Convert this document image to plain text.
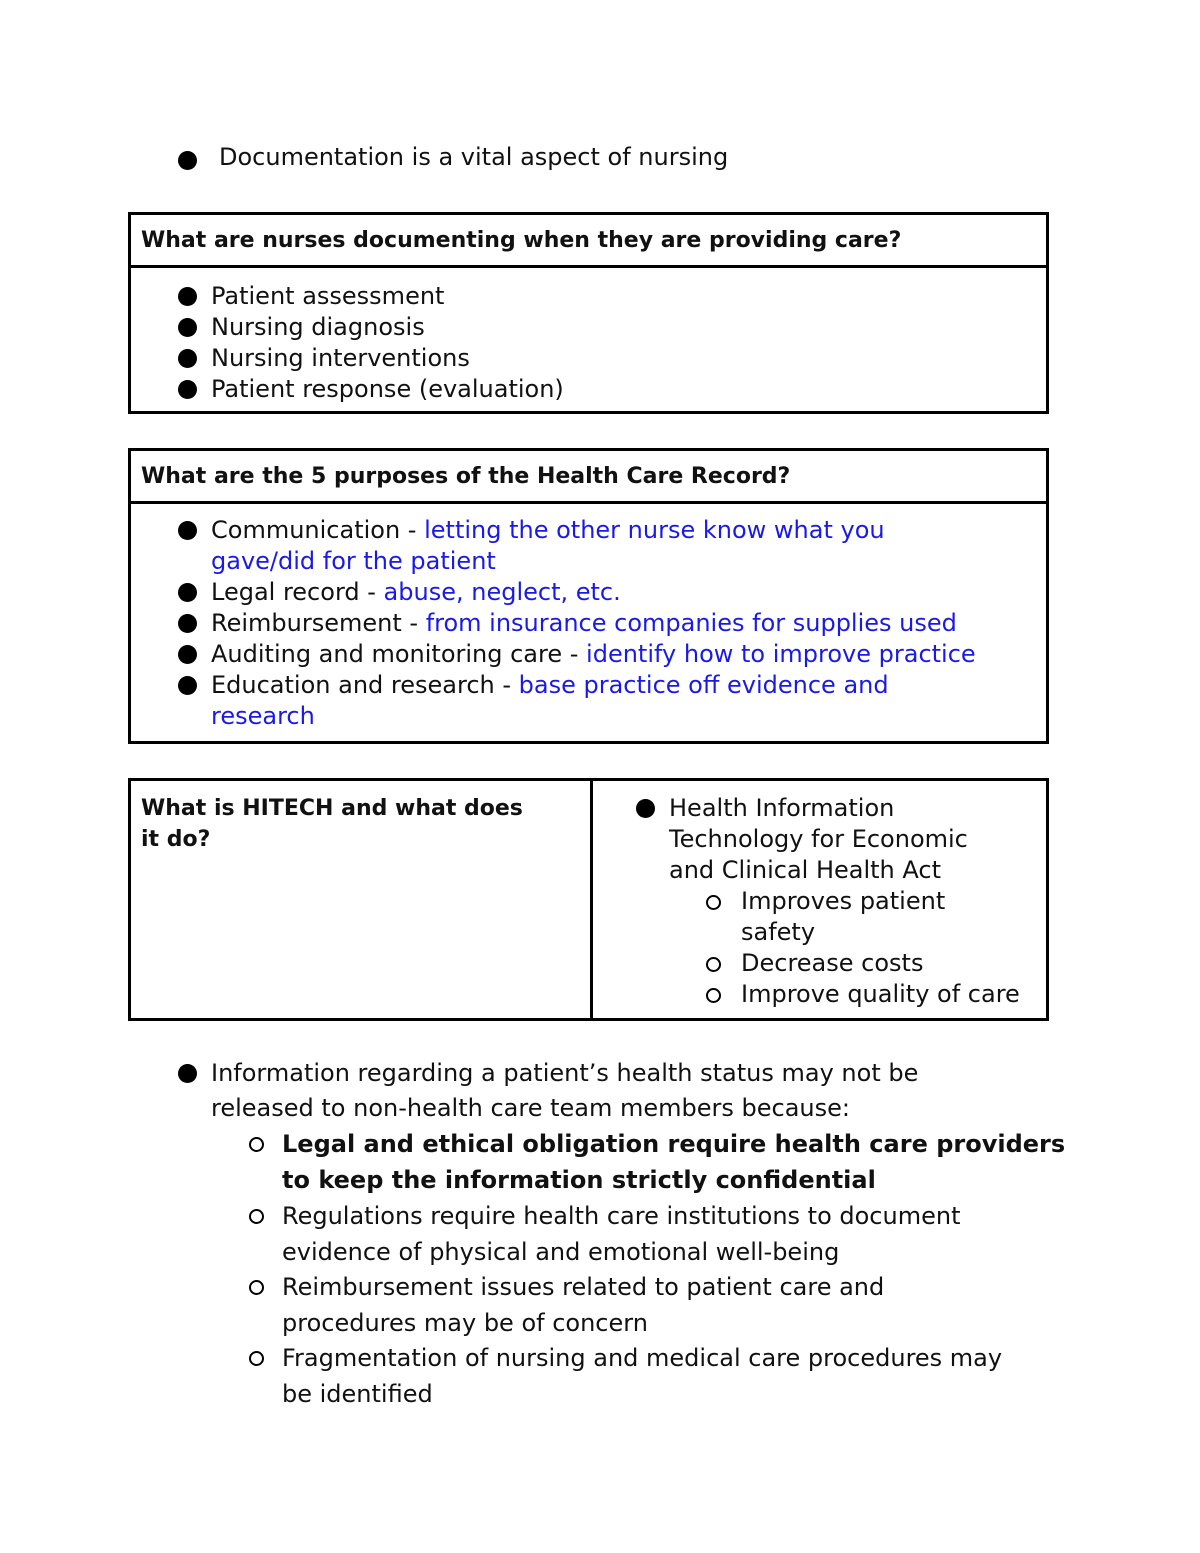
Documentation is a vital aspect of nursing
What are nurses documenting when they are providing care?
Patient assessment
Nursing diagnosis
Nursing interventions
Patient response (evaluation)
What are the 5 purposes of the Health Care Record?
Communication - letting the other nurse know what you
gave/did for the patient
Legal record - abuse, neglect, etc.
Reimbursement - from insurance companies for supplies used
Auditing and monitoring care - identify how to improve practice
Education and research - base practice off evidence and
research
What is HITECH and what does
it do?
Health Information
Technology for Economic
and Clinical Health Act
Improves patient
safety
Decrease costs
Improve quality of care
Information regarding a patient’s health status may not be
released to non-health care team members because:
Legal and ethical obligation require health care providers
to keep the information strictly confidential
Regulations require health care institutions to document
evidence of physical and emotional well-being
Reimbursement issues related to patient care and
procedures may be of concern
Fragmentation of nursing and medical care procedures may
be identified
